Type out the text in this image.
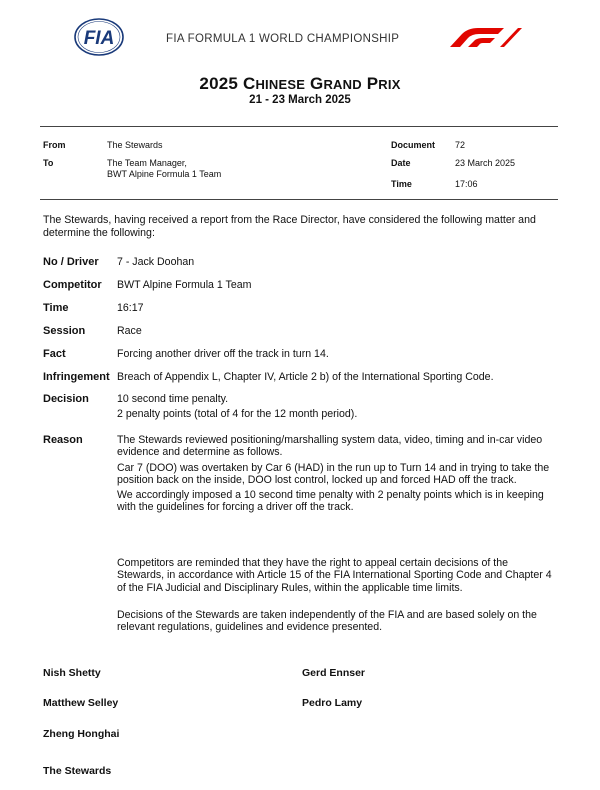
FIA	FIA FORMULA 1 WORLD CHAMPIONSHIP
2025 CHINESE GRAND PRIX
21 - 23 March 2025
From	The Stewards
To	The Team Manager,
BWT Alpine Formula 1 Team
Document 72
Date	23 March 2025
Time	17:06
The Stewards, having received a report from the Race Director, have considered the following matter and determine the following:
No / Driver 7 - Jack Doohan
Competitor BWT Alpine Formula 1 Team
Time	16:17
Session	Race
Fact	Forcing another driver off the track in turn 14.
Infringement Breach of Appendix L, Chapter IV, Article 2 b) of the International Sporting Code.
Decision	10 second time penalty.

2 penalty points (total of 4 for the 12 month period).

Reason	The Stewards reviewed positioning/marshalling system data, video, timing and in-car video evidence and determine as follows.

Car 7 (DOO) was overtaken by Car 6 (HAD) in the run up to Turn 14 and in trying to take the position back on the inside, DOO lost control, locked up and forced HAD off the track.

We accordingly imposed a 10 second time penalty with 2 penalty points which is in keeping with the guidelines for forcing a driver off the track.

Competitors are reminded that they have the right to appeal certain decisions of the Stewards, in accordance with Article 15 of the FIA International Sporting Code and Chapter 4 of the FIA Judicial and Disciplinary Rules, within the applicable time limits.
Decisions of the Stewards are taken independently of the FIA and are based solely on the relevant regulations, guidelines and evidence presented.
Nish Shetty	Gerd Ennser
Matthew Selley	Pedro Lamy
Zheng Honghai
The Stewards
